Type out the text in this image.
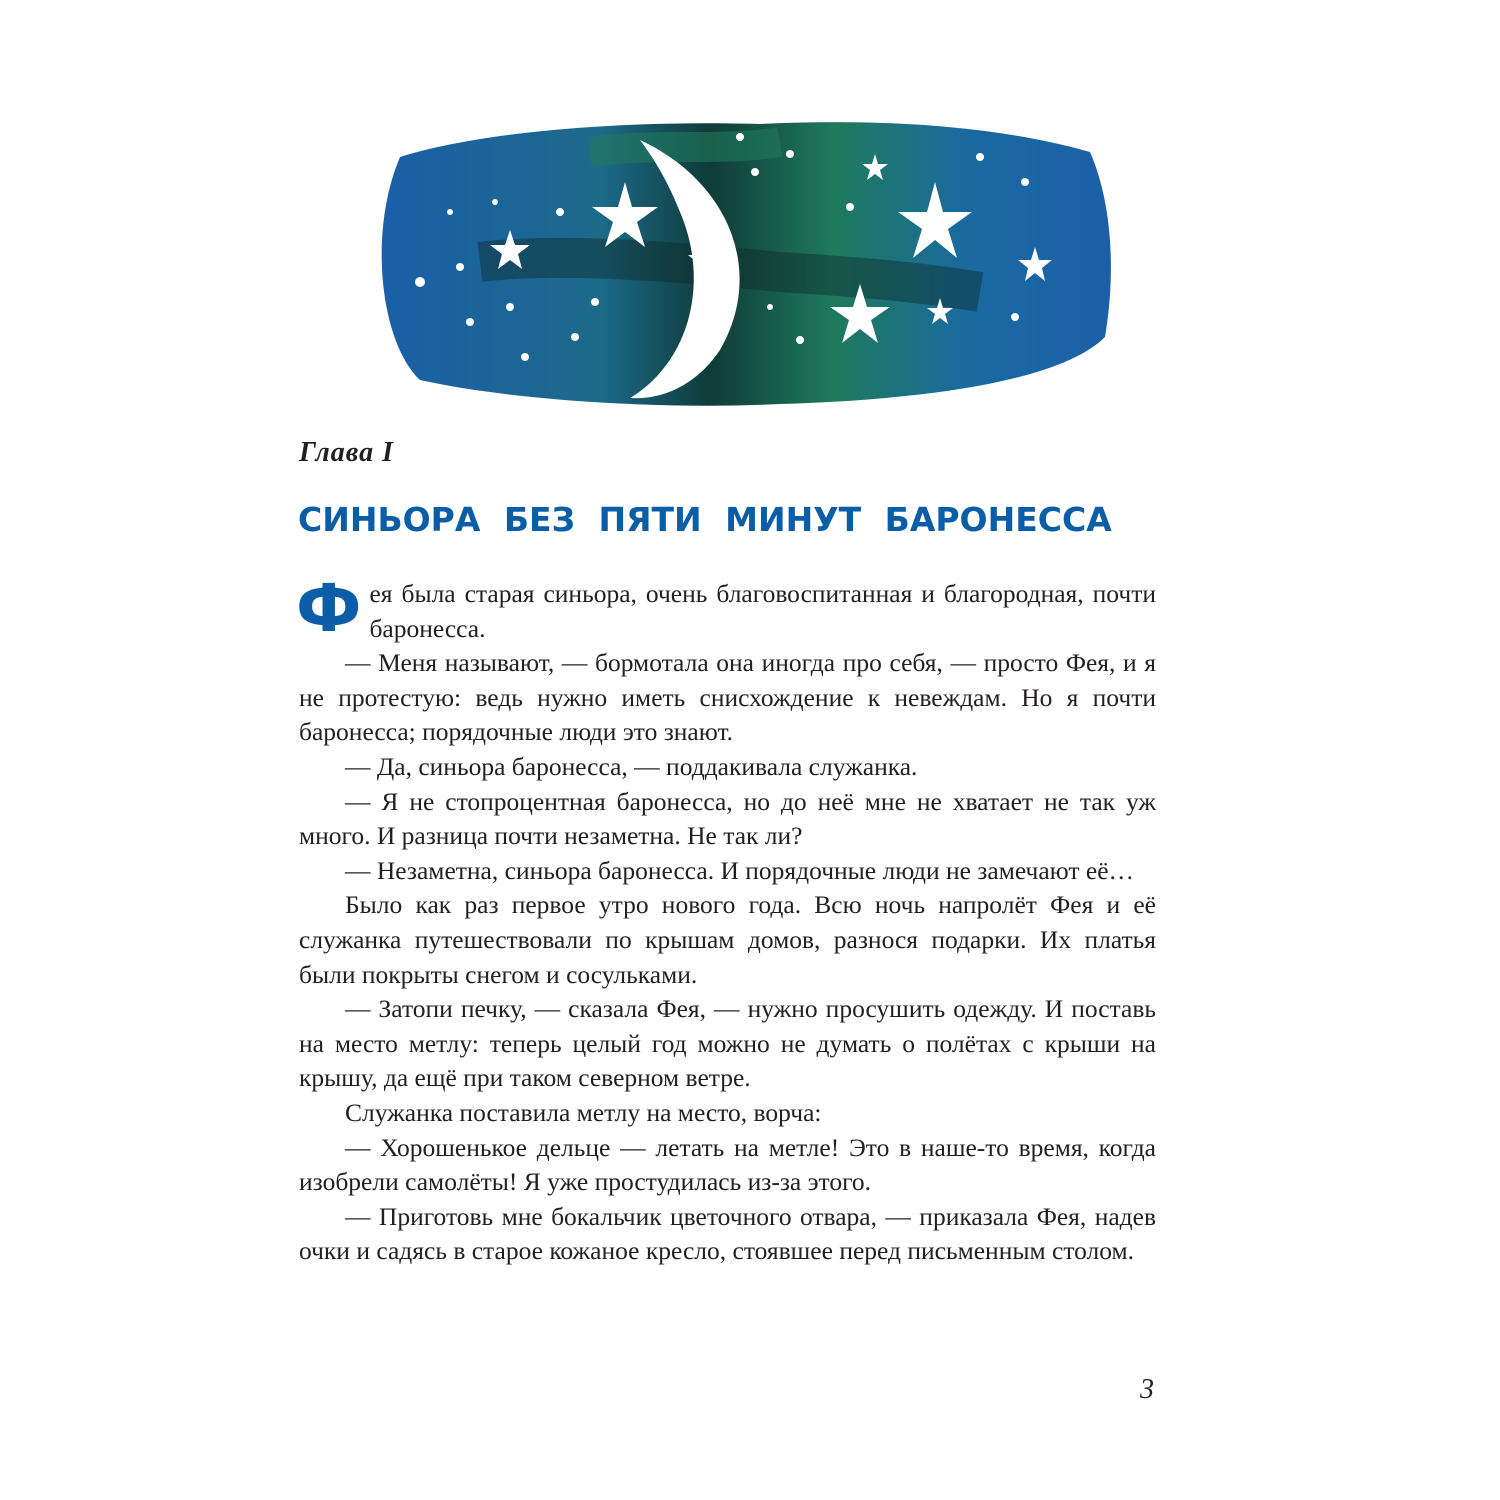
Глава I
СИНЬОРА БЕЗ ПЯТИ МИНУТ БАРОНЕССА

Фея была старая синьора, очень благовоспитанная и благородная, почти баронесса.

— Меня называют, — бормотала она иногда про себя, — просто Фея, и я не протестую: ведь нужно иметь снисхождение к невеждам. Но я почти баронесса; порядочные люди это знают.

— Да, синьора баронесса, — поддакивала служанка.

— Я не стопроцентная баронесса, но до неё мне не хватает не так уж много. И разница почти незаметна. Не так ли?

— Незаметна, синьора баронесса. И порядочные люди не замечают её…

Было как раз первое утро нового года. Всю ночь напролёт Фея и её служанка путешествовали по крышам домов, разнося подарки. Их платья были покрыты снегом и сосульками.

— Затопи печку, — сказала Фея, — нужно просушить одежду. И поставь на место метлу: теперь целый год можно не думать о полётах с крыши на крышу, да ещё при таком северном ветре.

Служанка поставила метлу на место, ворча:

— Хорошенькое дельце — летать на метле! Это в наше-то время, когда изобрели самолёты! Я уже простудилась из-за этого.

— Приготовь мне бокальчик цветочного отвара, — приказала Фея, надев очки и садясь в старое кожаное кресло, стоявшее перед письменным столом.

3
